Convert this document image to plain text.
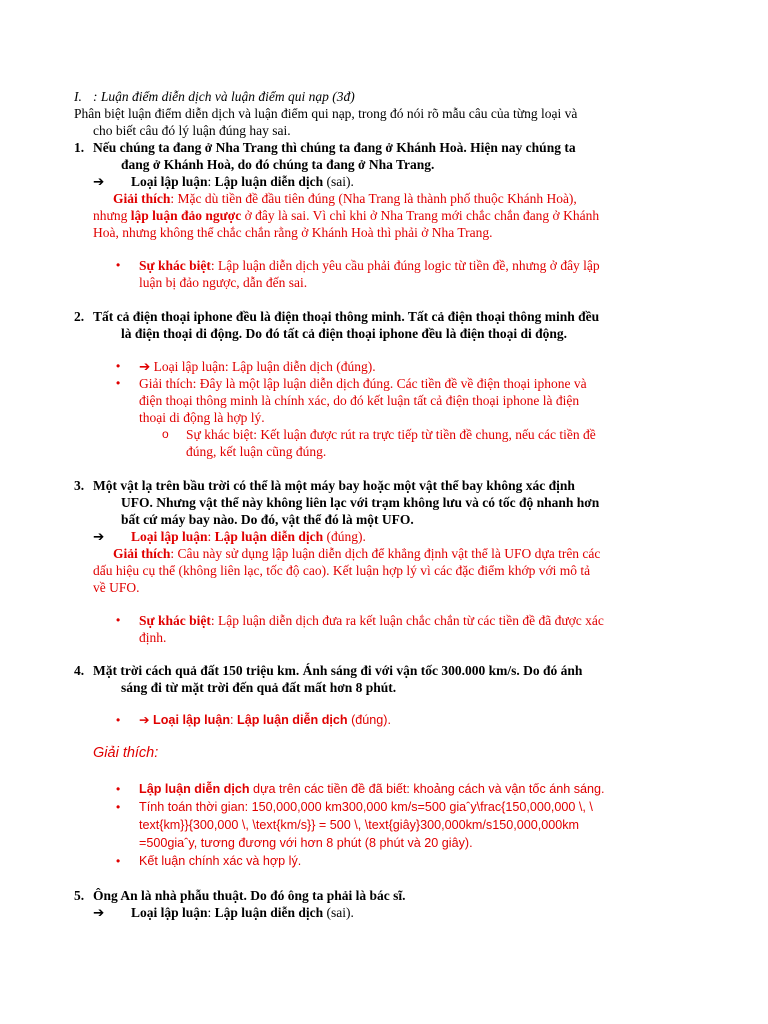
I. : Luận điểm diễn dịch và luận điểm qui nạp (3đ)
Phân biệt luận điểm diễn dịch và luận điểm qui nạp, trong đó nói rõ mẫu câu của từng loại và
cho biết câu đó lý luận đúng hay sai.
1. Nếu chúng ta đang ở Nha Trang thì chúng ta đang ở Khánh Hoà. Hiện nay chúng ta
đang ở Khánh Hoà, do đó chúng ta đang ở Nha Trang.
➔ Loại lập luận: Lập luận diễn dịch (sai).
Giải thích: Mặc dù tiền đề đầu tiên đúng (Nha Trang là thành phố thuộc Khánh Hoà),
nhưng lập luận đảo ngược ở đây là sai. Vì chỉ khi ở Nha Trang mới chắc chắn đang ở Khánh
Hoà, nhưng không thể chắc chắn rằng ở Khánh Hoà thì phải ở Nha Trang.
• Sự khác biệt: Lập luận diễn dịch yêu cầu phải đúng logic từ tiền đề, nhưng ở đây lập
luận bị đảo ngược, dẫn đến sai.
2. Tất cả điện thoại iphone đều là điện thoại thông minh. Tất cả điện thoại thông minh đều
là điện thoại di động. Do đó tất cả điện thoại iphone đều là điện thoại di động.
• ➔ Loại lập luận: Lập luận diễn dịch (đúng).
• Giải thích: Đây là một lập luận diễn dịch đúng. Các tiền đề về điện thoại iphone và
điện thoại thông minh là chính xác, do đó kết luận tất cả điện thoại iphone là điện
thoại di động là hợp lý.
o Sự khác biệt: Kết luận được rút ra trực tiếp từ tiền đề chung, nếu các tiền đề
đúng, kết luận cũng đúng.
3. Một vật lạ trên bầu trời có thể là một máy bay hoặc một vật thể bay không xác định
UFO. Nhưng vật thể này không liên lạc với trạm không lưu và có tốc độ nhanh hơn
bất cứ máy bay nào. Do đó, vật thể đó là một UFO.
➔ Loại lập luận: Lập luận diễn dịch (đúng).
Giải thích: Câu này sử dụng lập luận diễn dịch để khẳng định vật thể là UFO dựa trên các
dấu hiệu cụ thể (không liên lạc, tốc độ cao). Kết luận hợp lý vì các đặc điểm khớp với mô tả
về UFO.
• Sự khác biệt: Lập luận diễn dịch đưa ra kết luận chắc chắn từ các tiền đề đã được xác
định.
4. Mặt trời cách quả đất 150 triệu km. Ánh sáng đi với vận tốc 300.000 km/s. Do đó ánh
sáng đi từ mặt trời đến quả đất mất hơn 8 phút.
• ➔ Loại lập luận: Lập luận diễn dịch (đúng).
Giải thích:
• Lập luận diễn dịch dựa trên các tiền đề đã biết: khoảng cách và vận tốc ánh sáng.
• Tính toán thời gian: 150,000,000 km300,000 km/s=500 giaˆy\frac{150,000,000 \, \
text{km}}{300,000 \, \text{km/s}} = 500 \, \text{giây}300,000km/s150,000,000km
=500giaˆy, tương đương với hơn 8 phút (8 phút và 20 giây).
• Kết luận chính xác và hợp lý.
5. Ông An là nhà phẫu thuật. Do đó ông ta phải là bác sĩ.
➔ Loại lập luận: Lập luận diễn dịch (sai).
